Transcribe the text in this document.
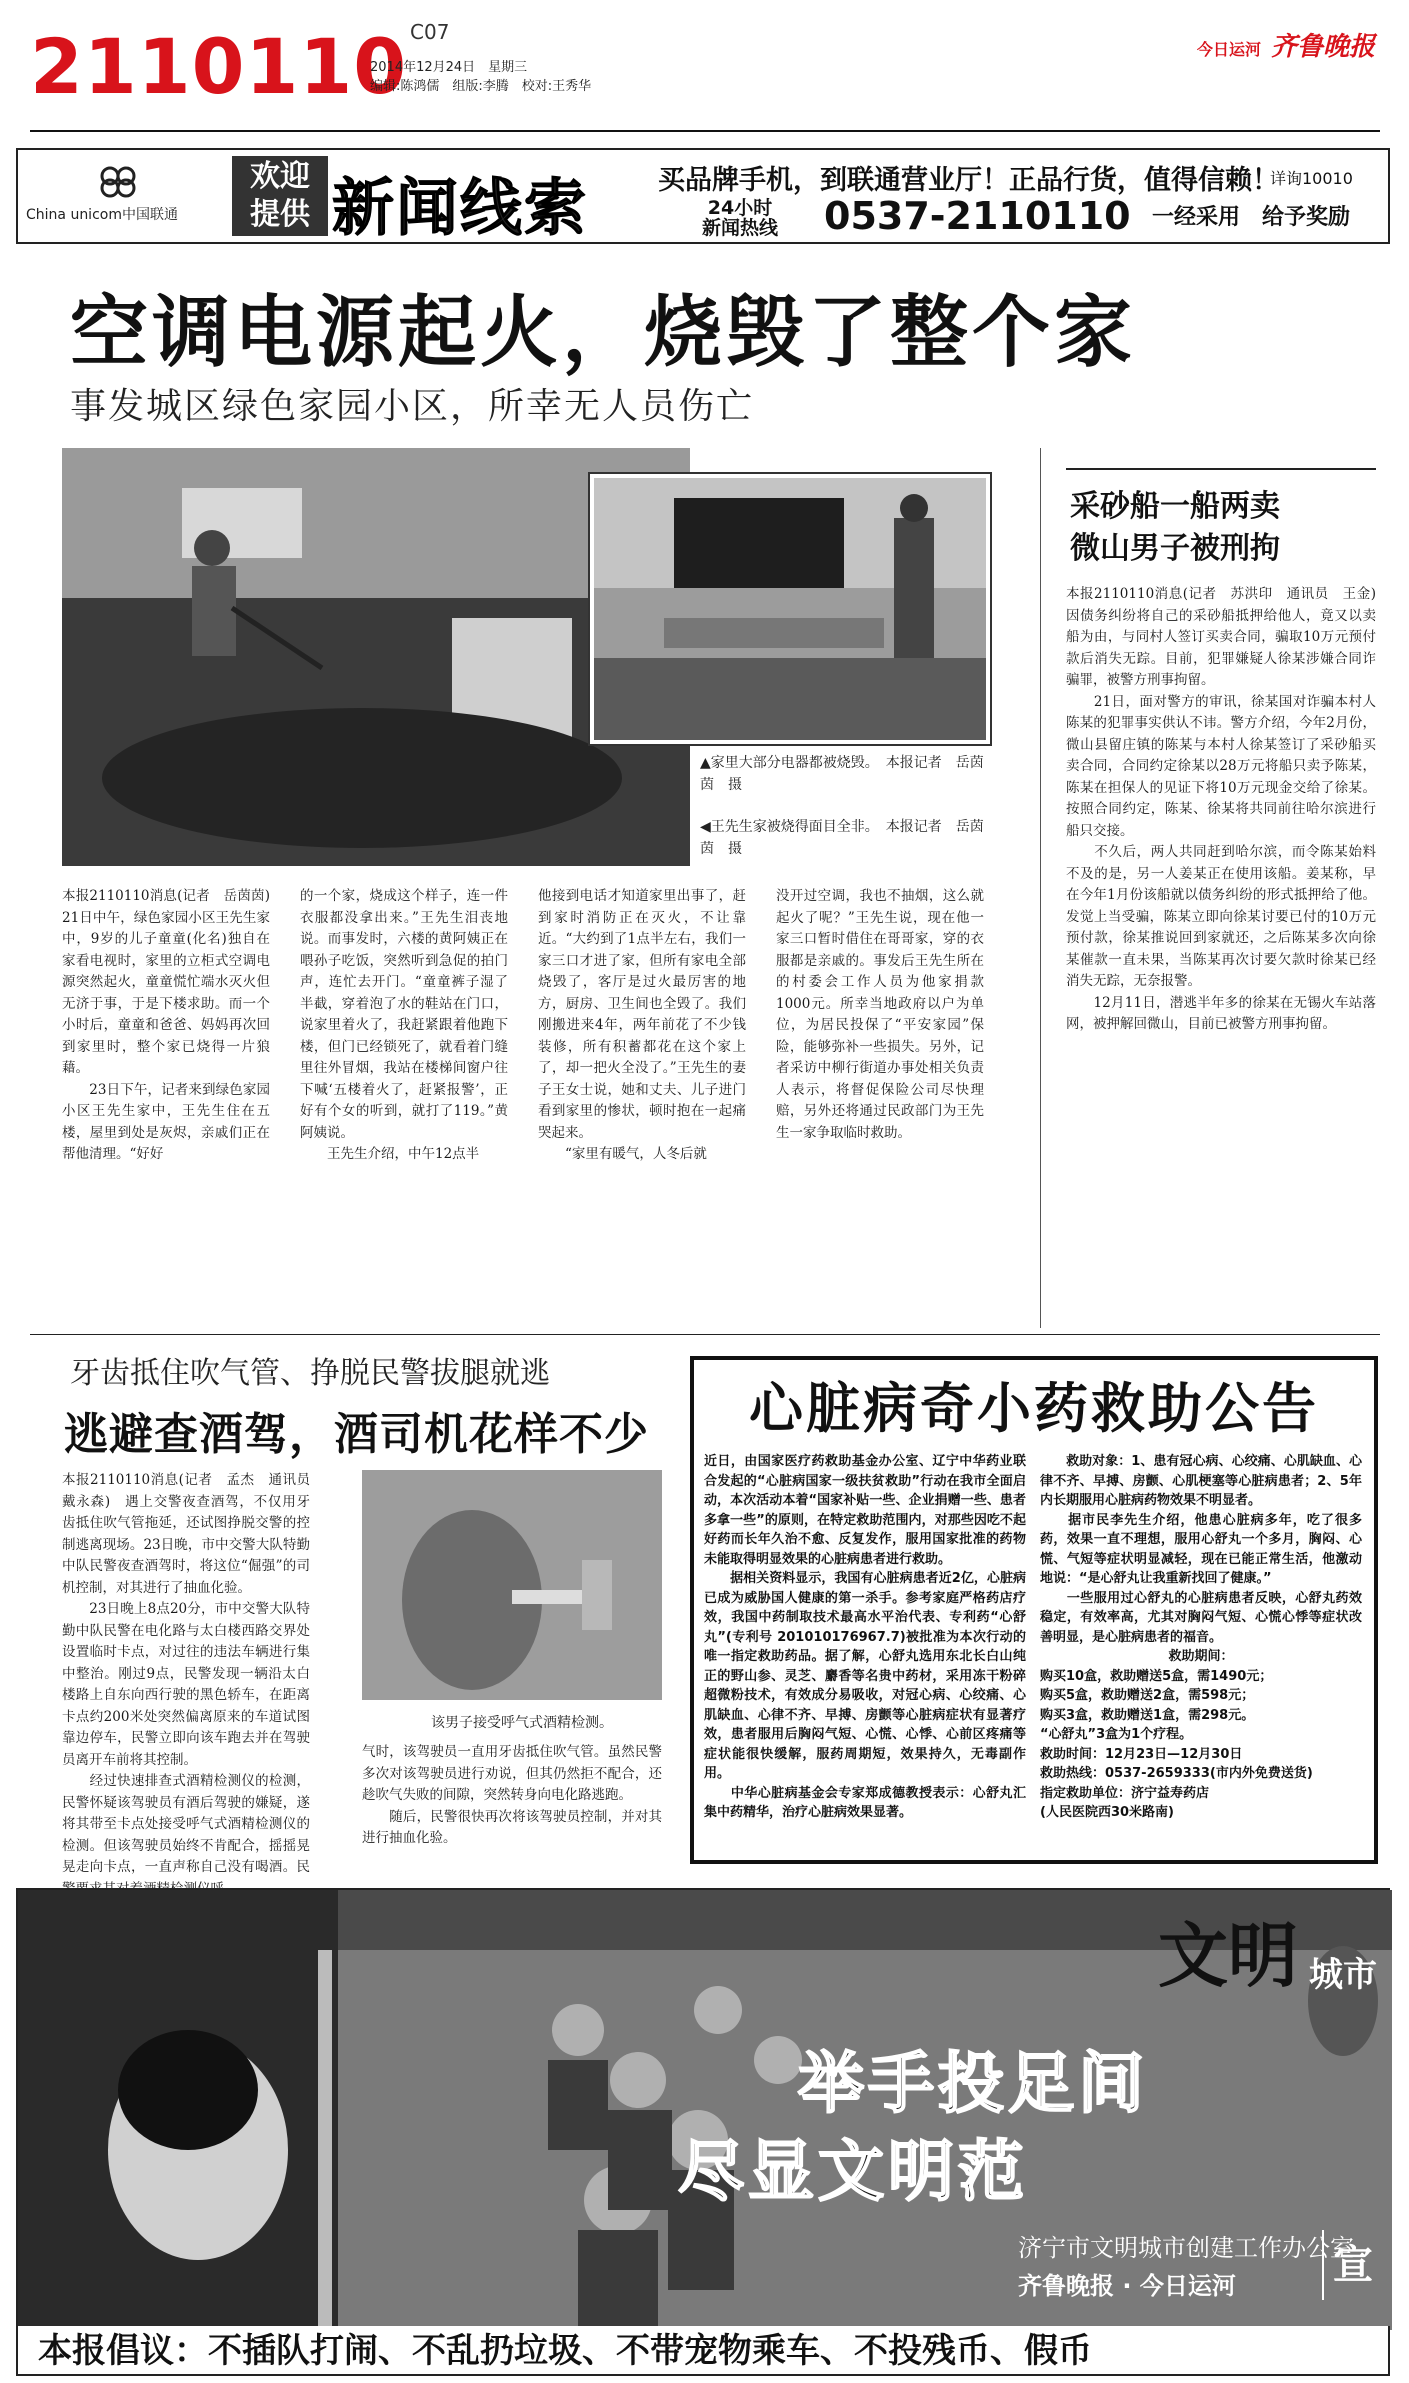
2110110 C07
2014年12月24日　星期三
编辑:陈鸿儒　组版:李腾　校对:王秀华
今日运河 齐鲁晚报
China unicom中国联通
欢迎
提供 新闻线索	买品牌手机，到联通营业厅！正品行货，值得信赖！
详询10010
24小时
新闻热线	0537-2110110 一经采用　给予奖励
空调电源起火，烧毁了整个家
事发城区绿色家园小区，所幸无人员伤亡
▲家里大部分电器都被烧毁。　本报记者　岳茵茵　摄
◀王先生家被烧得面目全非。　本报记者　岳茵茵　摄

本报2110110消息(记者　岳茵茵)　21日中午，绿色家园小区王先生家中，9岁的儿子童童(化名)独自在家看电视时，家里的立柜式空调电源突然起火，童童慌忙端水灭火但无济于事，于是下楼求助。而一个小时后，童童和爸爸、妈妈再次回到家里时，整个家已烧得一片狼藉。
　　23日下午，记者来到绿色家园小区王先生家中，王先生住在五楼，屋里到处是灰烬，亲戚们正在帮他清理。“好好

的一个家，烧成这个样子，连一件衣服都没拿出来。”王先生泪丧地说。而事发时，六楼的黄阿姨正在喂孙子吃饭，突然听到急促的拍门声，连忙去开门。“童童裤子湿了半截，穿着泡了水的鞋站在门口，说家里着火了，我赶紧跟着他跑下楼，但门已经锁死了，就看着门缝里往外冒烟，我站在楼梯间窗户往下喊‘五楼着火了，赶紧报警’，正好有个女的听到，就打了119。”黄阿姨说。
　　王先生介绍，中午12点半

他接到电话才知道家里出事了，赶到家时消防正在灭火，不让靠近。“大约到了1点半左右，我们一家三口才进了家，但所有家电全部烧毁了，客厅是过火最厉害的地方，厨房、卫生间也全毁了。我们刚搬进来4年，两年前花了不少钱装修，所有积蓄都花在这个家上了，却一把火全没了。”王先生的妻子王女士说，她和丈夫、儿子进门看到家里的惨状，顿时抱在一起痛哭起来。
　　“家里有暖气，人冬后就

没开过空调，我也不抽烟，这么就起火了呢？”王先生说，现在他一家三口暂时借住在哥哥家，穿的衣服都是亲戚的。事发后王先生所在的村委会工作人员为他家捐款1000元。所幸当地政府以户为单位，为居民投保了“平安家园”保险，能够弥补一些损失。另外，记者采访中柳行街道办事处相关负责人表示，将督促保险公司尽快理赔，另外还将通过民政部门为王先生一家争取临时救助。

采砂船一船两卖
微山男子被刑拘

本报2110110消息(记者　苏洪印　通讯员　王金)　因债务纠纷将自己的采砂船抵押给他人，竟又以卖船为由，与同村人签订买卖合同，骗取10万元预付款后消失无踪。目前，犯罪嫌疑人徐某涉嫌合同诈骗罪，被警方刑事拘留。
　　21日，面对警方的审讯，徐某国对诈骗本村人陈某的犯罪事实供认不讳。警方介绍，今年2月份，微山县留庄镇的陈某与本村人徐某签订了采砂船买卖合同，合同约定徐某以28万元将船只卖予陈某，陈某在担保人的见证下将10万元现金交给了徐某。按照合同约定，陈某、徐某将共同前往哈尔滨进行船只交接。
　　不久后，两人共同赶到哈尔滨，而令陈某始料不及的是，另一人姜某正在使用该船。姜某称，早在今年1月份该船就以债务纠纷的形式抵押给了他。发觉上当受骗，陈某立即向徐某讨要已付的10万元预付款，徐某推说回到家就还，之后陈某多次向徐某催款一直未果，当陈某再次讨要欠款时徐某已经消失无踪，无奈报警。
　　12月11日，潜逃半年多的徐某在无锡火车站落网，被押解回微山，目前已被警方刑事拘留。

牙齿抵住吹气管、挣脱民警拔腿就逃
逃避查酒驾，酒司机花样不少

本报2110110消息(记者　孟杰　通讯员　戴永森)　遇上交警夜查酒驾，不仅用牙齿抵住吹气管拖延，还试图挣脱交警的控制逃离现场。23日晚，市中交警大队特勤中队民警夜查酒驾时，将这位“倔强”的司机控制，对其进行了抽血化验。
　　23日晚上8点20分，市中交警大队特勤中队民警在电化路与太白楼西路交界处设置临时卡点，对过往的违法车辆进行集中整治。刚过9点，民警发现一辆沿太白楼路上自东向西行驶的黑色轿车，在距离卡点约200米处突然偏离原来的车道试图靠边停车，民警立即向该车跑去并在驾驶员离开车前将其控制。
　　经过快速排查式酒精检测仪的检测，民警怀疑该驾驶员有酒后驾驶的嫌疑，遂将其带至卡点处接受呼气式酒精检测仪的检测。但该驾驶员始终不肯配合，摇摇晃晃走向卡点，一直声称自己没有喝酒。民

该男子接受呼气式酒精检测。

气时，该驾驶员一直用牙齿抵住吹气管。虽然民警多次对该驾驶员进行劝说，但其仍然拒不配合，还趁吹气失败的间隙，突然转身向电化路逃跑。
　　随后，民警很快再次将该驾驶员控制，并对其进行抽血化验。

心脏病奇小药救助公告

近日，由国家医疗药救助基金办公室、辽宁中华药业联合发起的“心脏病国家一级扶贫救助”行动在我市全面启动，本次活动本着“国家补贴一些、企业捐赠一些、患者多拿一些”的原则，在特定救助范围内，对那些因吃不起好药而长年久治不愈、反复发作，服用国家批准的药物未能取得明显效果的心脏病患者进行救助。
　　据相关资料显示，我国有心脏病患者近2亿，心脏病已成为威胁国人健康的第一杀手。参考家庭严格药店疗效，我国中药制取技术最高水平治代表、专利药“心舒丸”(专利号 201010176967.7)被批准为本次行动的唯一指定救助药品。据了解，心舒丸选用东北长白山纯正的野山参、灵芝、麝香等名贵中药材，采用冻干粉碎超微粉技术，有效成分易吸收，对冠心病、心绞痛、心肌缺血、心律不齐、早搏、房颤等心脏病症状有显著疗效，患者服用后胸闷气短、心慌、心悸、心前区疼痛等症状能很快缓解，服药周期短，效果持久，无毒副作用。
　　中华心脏病基金会专家郑成德教授表示：心舒丸汇集中药精华，治疗心脏病效果显著。

　　救助对象：1、患有冠心病、心绞痛、心肌缺血、心律不齐、早搏、房颤、心肌梗塞等心脏病患者；2、5年内长期服用心脏病药物效果不明显者。
　　据市民李先生介绍，他患心脏病多年，吃了很多药，效果一直不理想，服用心舒丸一个多月，胸闷、心慌、气短等症状明显减轻，现在已能正常生活，他激动地说：“是心舒丸让我重新找回了健康。”
　　一些服用过心舒丸的心脏病患者反映，心舒丸药效稳定，有效率高，尤其对胸闷气短、心慌心悸等症状改善明显，是心脏病患者的福音。

救助期间：

购买10盒，救助赠送5盒，需1490元；

购买5盒，救助赠送2盒，需598元；

购买3盒，救助赠送1盒，需298元。

“心舒丸”3盒为1个疗程。

救助时间：12月23日—12月30日

救助热线：0537-2659333(市内外免费送货)

指定救助单位：济宁益寿药店

(人民医院西30米路南)

文明 城市
举手投足间
尽显文明范
济宁市文明城市创建工作办公室
齐鲁晚报 · 今日运河 宣
本报倡议：不插队打闹、不乱扔垃圾、不带宠物乘车、不投残币、假币
